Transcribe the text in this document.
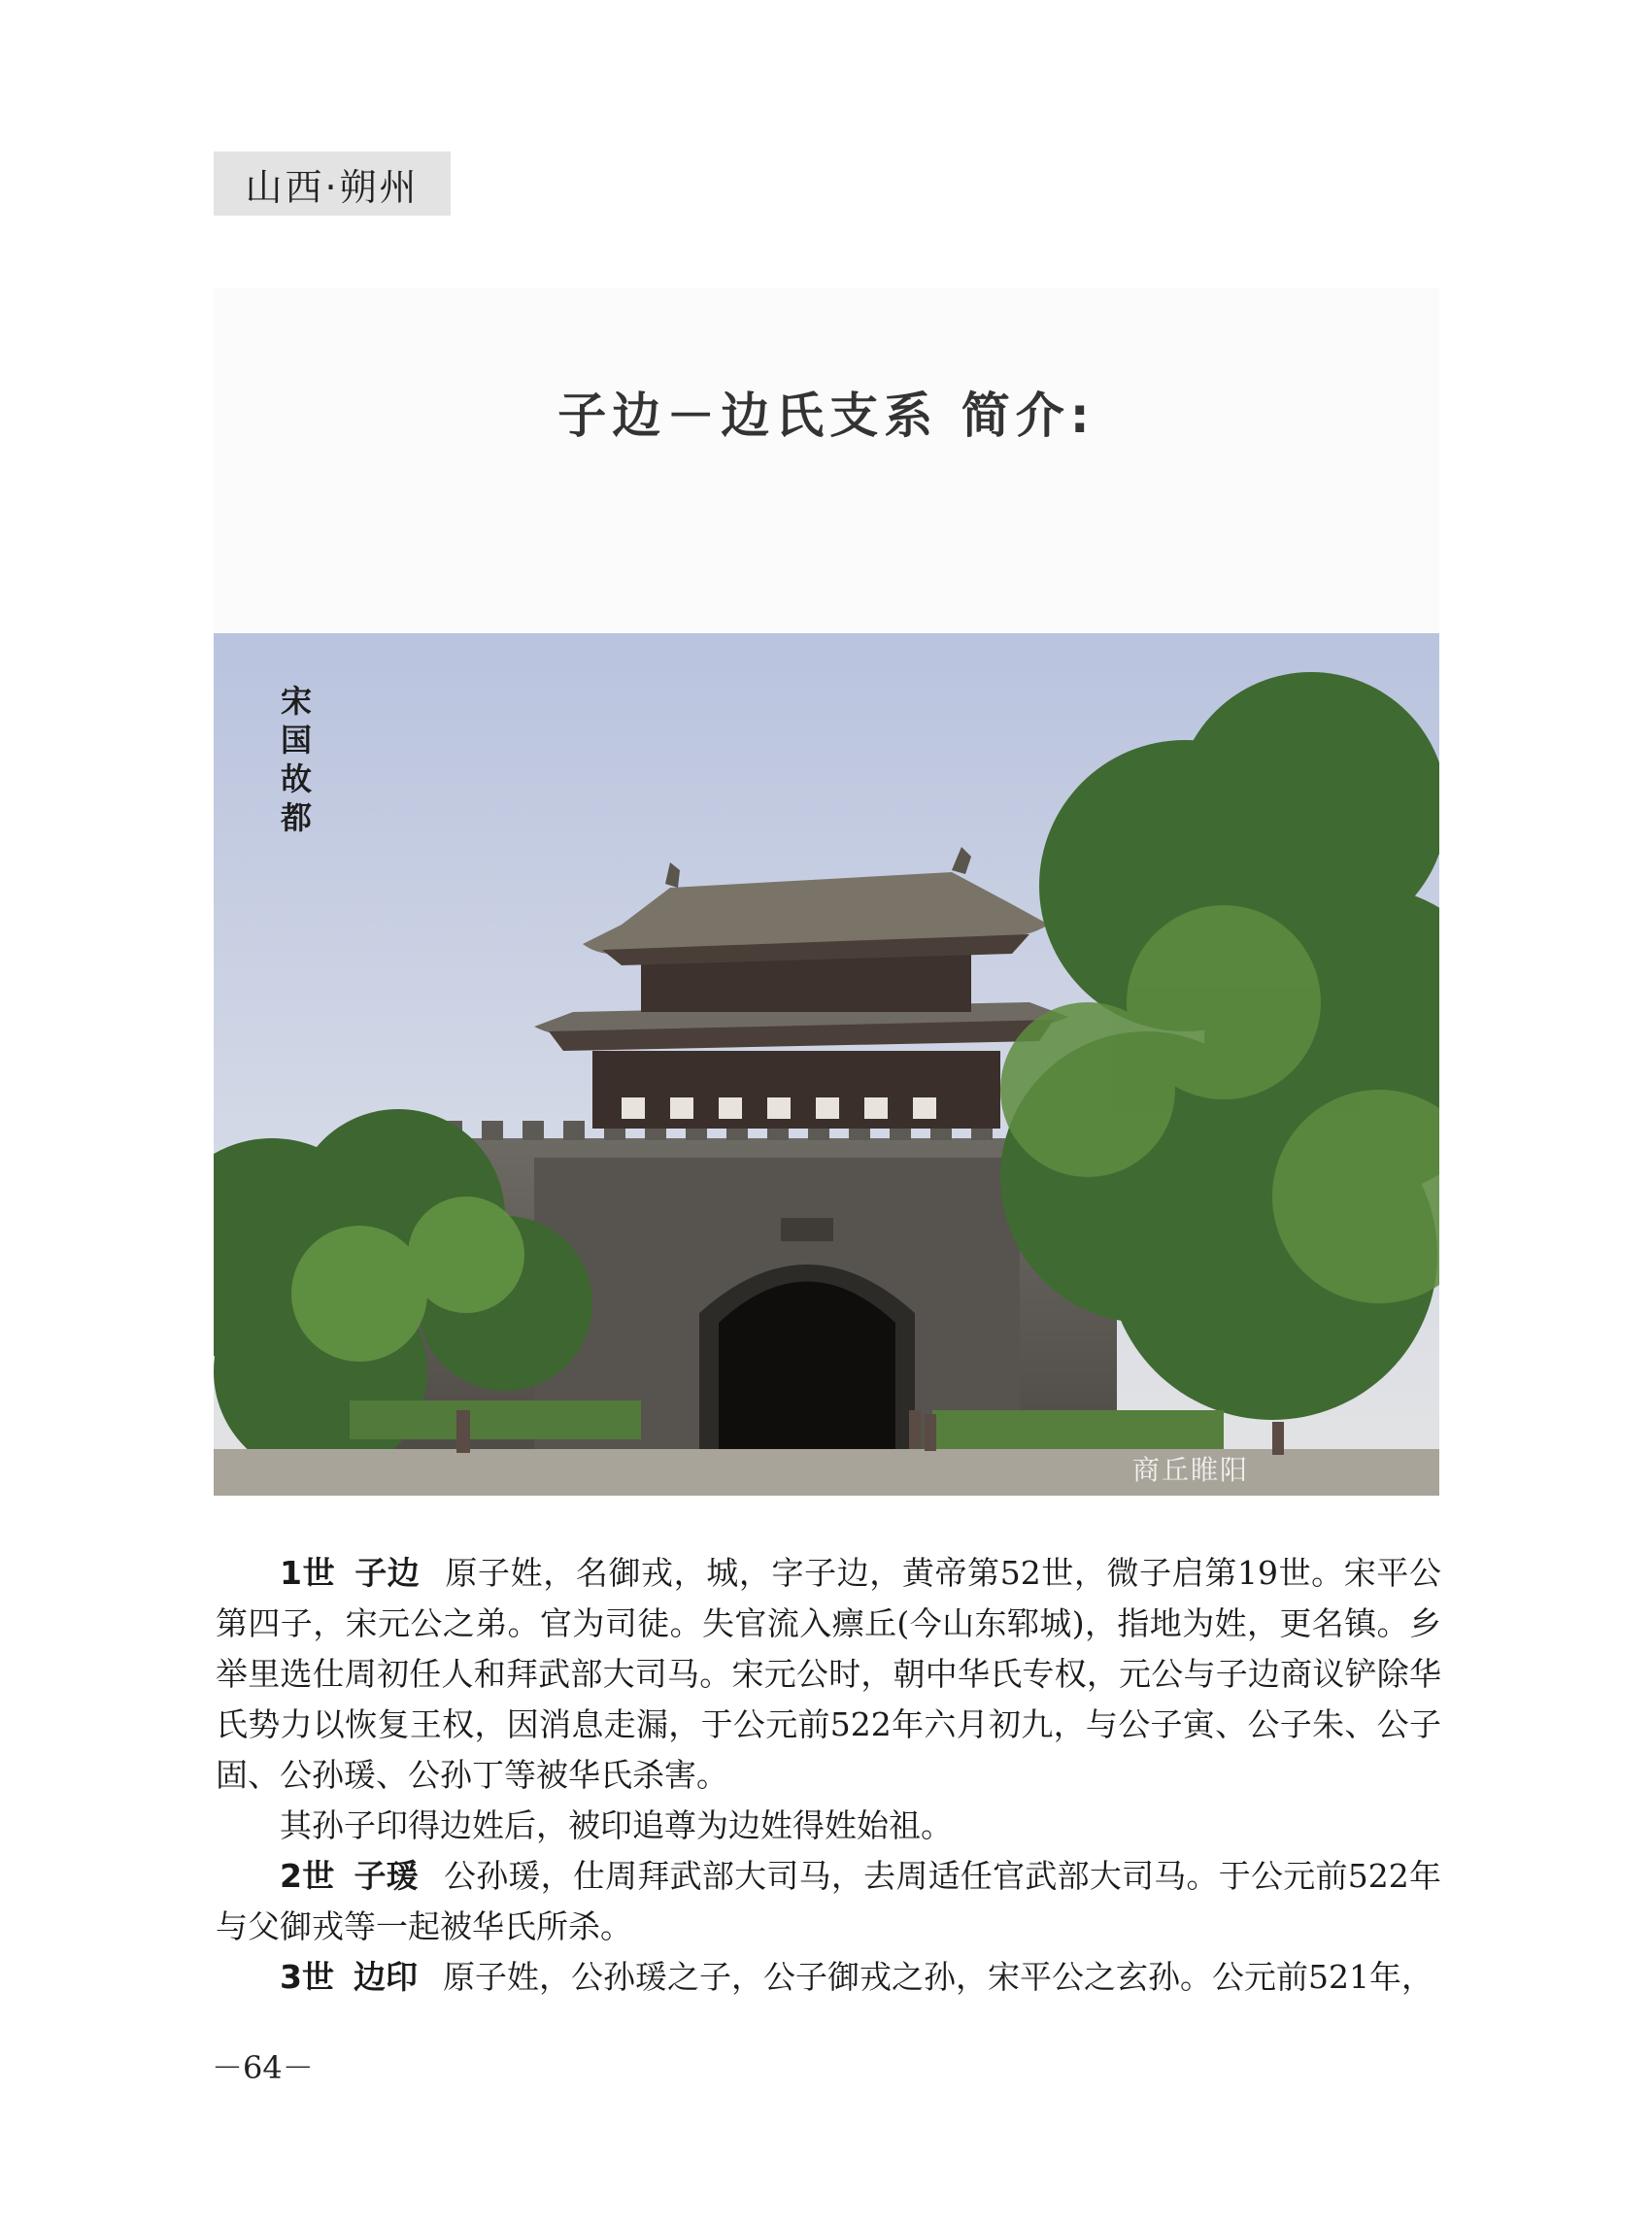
山西·朔州
子边－边氏支系 简介:
宋
国
故
都
商丘睢阳

1世 子边 原子姓，名御戎，城，字子边，黄帝第52世，微子启第19世。宋平公第四子，宋元公之弟。官为司徒。失官流入瘭丘(今山东郓城)，指地为姓，更名镇。乡举里选仕周初任人和拜武部大司马。宋元公时，朝中华氏专权，元公与子边商议铲除华氏势力以恢复王权，因消息走漏，于公元前522年六月初九，与公子寅、公子朱、公子固、公孙瑗、公孙丁等被华氏杀害。

其孙子印得边姓后，被印追尊为边姓得姓始祖。

2世 子瑗 公孙瑗，仕周拜武部大司马，去周适任官武部大司马。于公元前522年与父御戎等一起被华氏所杀。

3世 边印 原子姓，公孙瑗之子，公子御戎之孙，宋平公之玄孙。公元前521年，

－64－
